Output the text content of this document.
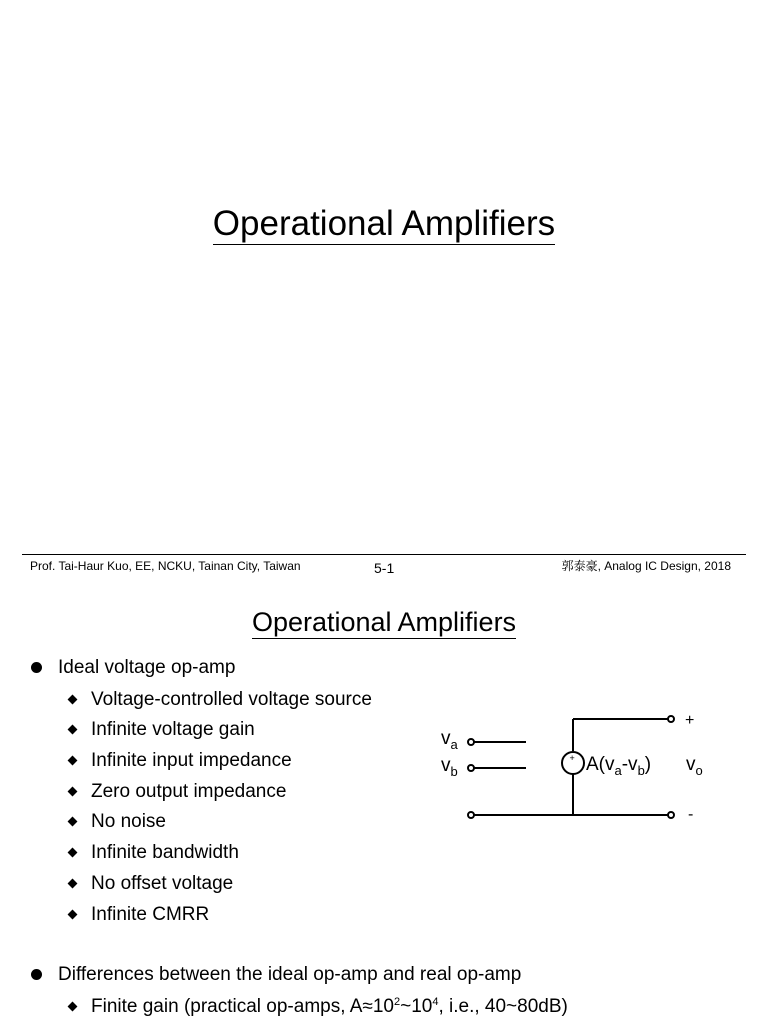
Operational Amplifiers
Prof. Tai-Haur Kuo, EE, NCKU, Tainan City, Taiwan	5-1	郭泰豪, Analog IC Design, 2018
Operational Amplifiers
Ideal voltage op-amp
Voltage-controlled voltage source
Infinite voltage gain
Infinite input impedance
Zero output impedance
No noise
Infinite bandwidth
No offset voltage
Infinite CMRR
Differences between the ideal op-amp and real op-amp
Finite gain (practical op-amps, $A\approx 10^2\sim 10^4$, i.e., 40~80dB)
+
$v_a$
$v_b$	$A(v_a-v_b)$
+
$v_o$
-
